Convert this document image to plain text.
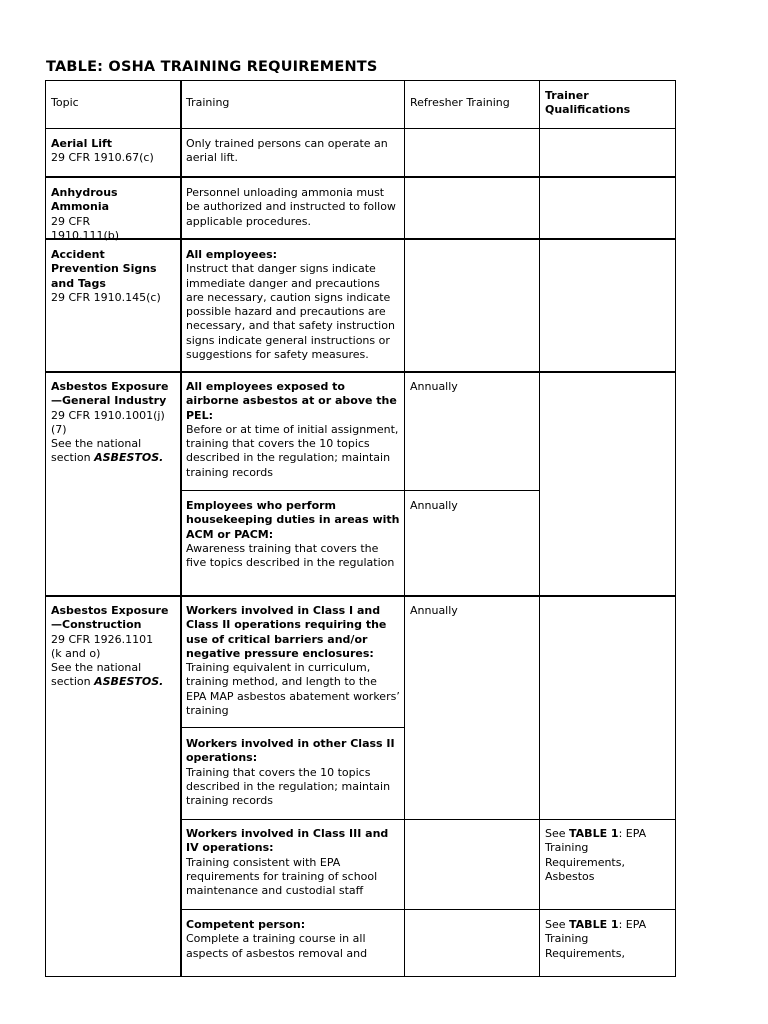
TABLE: OSHA TRAINING REQUIREMENTS
Topic	Training	Refresher Training
Trainer Qualifications
Aerial Lift
29 CFR 1910.67(c)
Only trained persons can operate an aerial lift.
Anhydrous Ammonia
29 CFR 1910.111(b)
Personnel unloading ammonia must be authorized and instructed to follow applicable procedures.
Accident Prevention Signs and Tags
29 CFR 1910.145(c)
All employees:
Instruct that danger signs indicate immediate danger and precautions are necessary, caution signs indicate possible hazard and precautions are necessary, and that safety instruction signs indicate general instructions or suggestions for safety measures.
Asbestos Exposure—General Industry
29 CFR 1910.1001(j)(7)
See the national section ASBESTOS.
All employees exposed to airborne asbestos at or above the PEL:
Before or at time of initial assignment, training that covers the 10 topics described in the regulation; maintain training records
Annually
Employees who perform housekeeping duties in areas with ACM or PACM:
Awareness training that covers the five topics described in the regulation
Annually
Asbestos Exposure—Construction
29 CFR 1926.1101 (k and o)
See the national section ASBESTOS.
Workers involved in Class I and Class II operations requiring the use of critical barriers and/or negative pressure enclosures:
Training equivalent in curriculum, training method, and length to the EPA MAP asbestos abatement workers’ training
Annually
Workers involved in other Class II operations:
Training that covers the 10 topics described in the regulation; maintain training records
Workers involved in Class III and IV operations:
Training consistent with EPA requirements for training of school maintenance and custodial staff
See TABLE 1: EPA Training Requirements, Asbestos
Competent person:
Complete a training course in all aspects of asbestos removal and
See TABLE 1: EPA Training Requirements,
